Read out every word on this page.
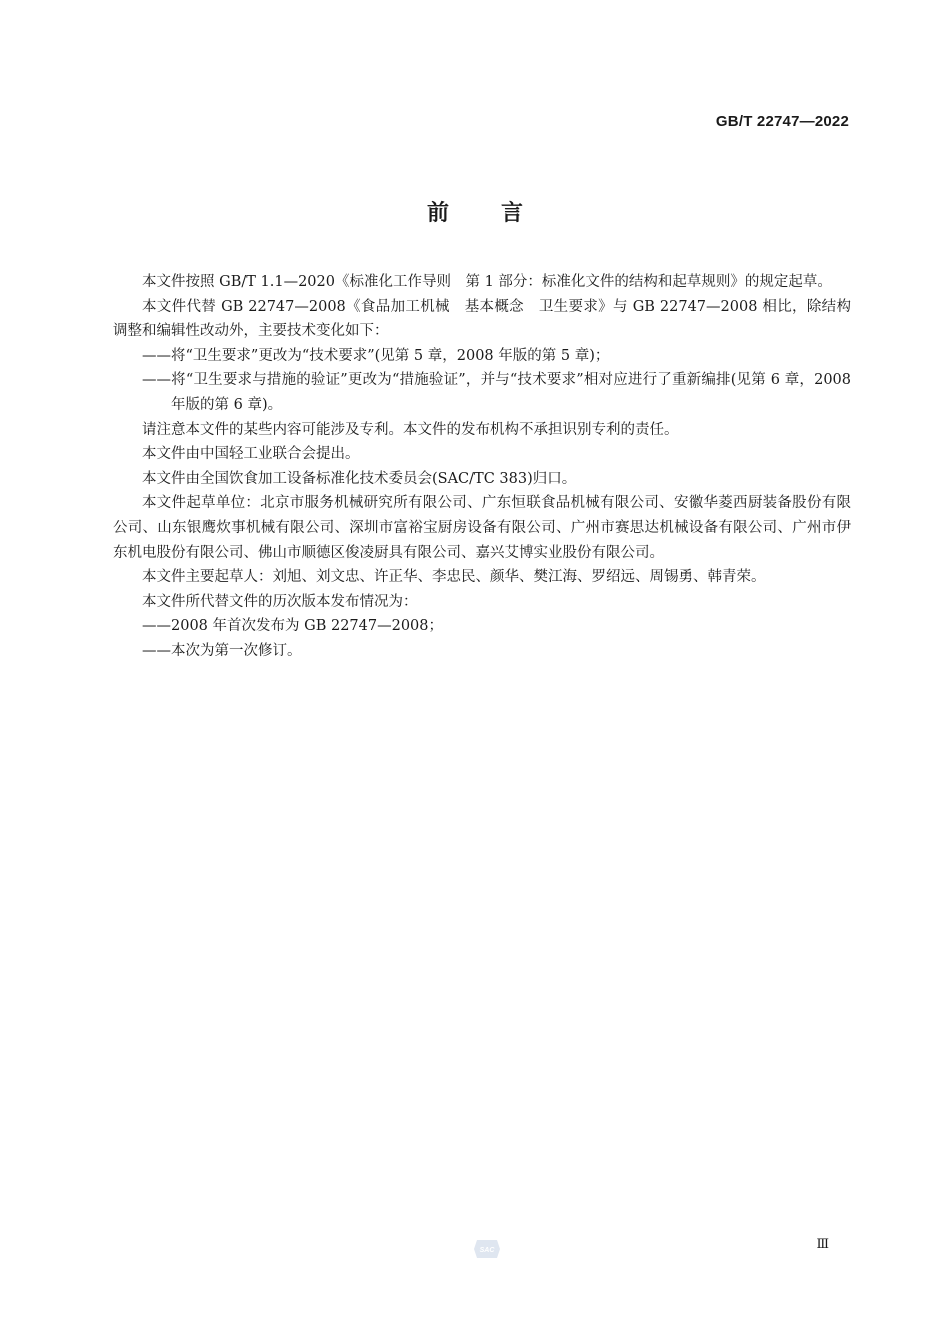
GB/T 22747—2022
前 言

本文件按照 GB/T 1.1—2020《标准化工作导则　第 1 部分：标准化文件的结构和起草规则》的规定起草。

本文件代替 GB 22747—2008《食品加工机械　基本概念　卫生要求》与 GB 22747—2008 相比，除结构调整和编辑性改动外，主要技术变化如下：

——将“卫生要求”更改为“技术要求”(见第 5 章，2008 年版的第 5 章)；

——将“卫生要求与措施的验证”更改为“措施验证”，并与“技术要求”相对应进行了重新编排(见第 6 章，2008 年版的第 6 章)。

请注意本文件的某些内容可能涉及专利。本文件的发布机构不承担识别专利的责任。

本文件由中国轻工业联合会提出。

本文件由全国饮食加工设备标准化技术委员会(SAC/TC 383)归口。

本文件起草单位：北京市服务机械研究所有限公司、广东恒联食品机械有限公司、安徽华菱西厨装备股份有限公司、山东银鹰炊事机械有限公司、深圳市富裕宝厨房设备有限公司、广州市赛思达机械设备有限公司、广州市伊东机电股份有限公司、佛山市顺德区俊凌厨具有限公司、嘉兴艾博实业股份有限公司。

本文件主要起草人：刘旭、刘文忠、许正华、李忠民、颜华、樊江海、罗绍远、周锡勇、韩青荣。

本文件所代替文件的历次版本发布情况为：

——2008 年首次发布为 GB 22747—2008；

——本次为第一次修订。

SAC	Ⅲ
